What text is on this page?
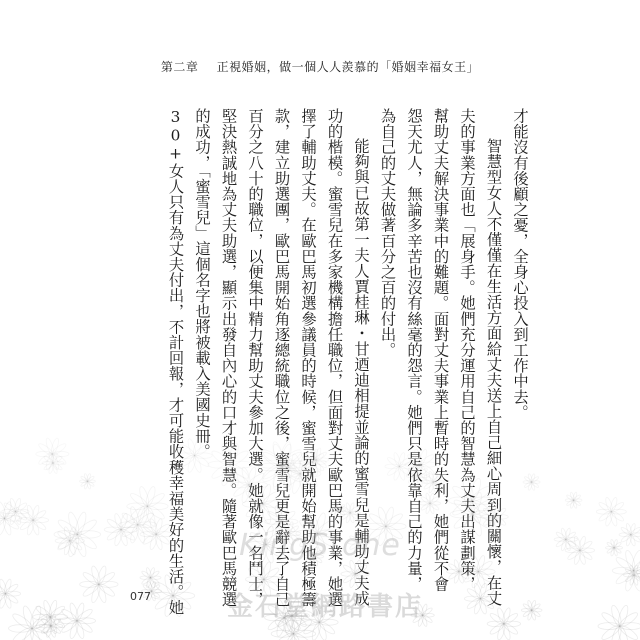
第二章 正視婚姻，做一個人人羨慕的「婚姻幸福女王」
才能沒有後顧之憂，全身心投入到工作中去。
智慧型女人不僅僅在生活方面給丈夫送上自己細心周到的關懷，在丈
夫的事業方面也「展身手。她們充分運用自己的智慧為丈夫出謀劃策，
幫助丈夫解決事業中的難題。面對丈夫事業上暫時的失利，她們從不會
怨天尤人，無論多辛苦也沒有絲毫的怨言。她們只是依靠自己的力量，
為自己的丈夫做著百分之百的付出。
能夠與已故第一夫人賈桂琳・甘迺迪相提並論的蜜雪兒是輔助丈夫成
功的楷模。蜜雪兒在多家機構擔任職位，但面對丈夫歐巴馬的事業，她選
擇了輔助丈夫。在歐巴馬初選參議員的時候，蜜雪兒就開始幫助他積極籌
款，建立助選團，歐巴馬開始角逐總統職位之後，蜜雪兒更是辭去了自己
百分之八十的職位，以便集中精力幫助丈夫參加大選。她就像一名鬥士，
堅決熱誠地為丈夫助選，顯示出發自內心的口才與智慧。隨著歐巴馬競選
的成功，「蜜雪兒」這個名字也將被載入美國史冊。
30+女人只有為丈夫付出，不計回報，才可能收穫幸福美好的生活。她	KingStone
金石堂網路書店
077
